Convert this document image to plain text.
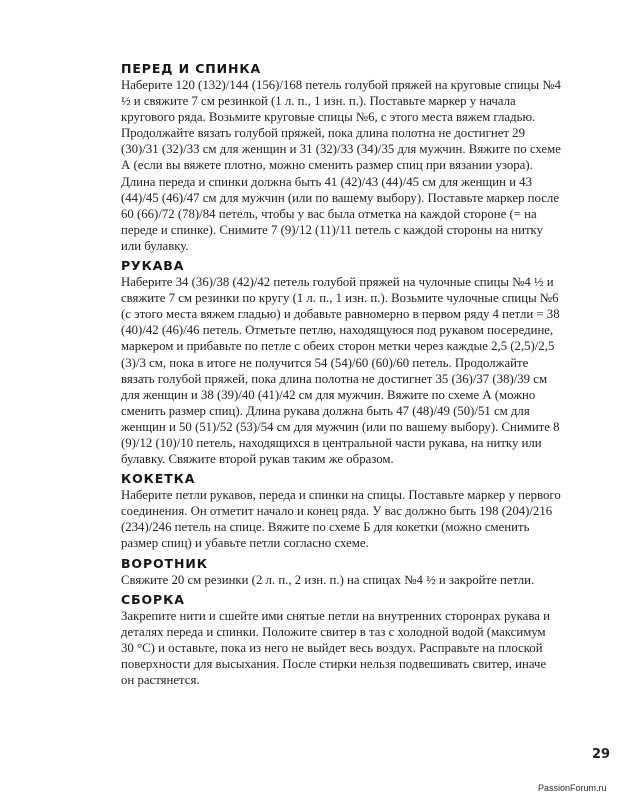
ПЕРЕД И СПИНКА

Наберите 120 (132)/144 (156)/168 петель голубой пряжей на круговые спицы №4 ½ и свяжите 7 см резинкой (1 л. п., 1 изн. п.). Поставьте маркер у начала кругового ряда. Возьмите круговые спицы №6, с этого места вяжем гладью. Продолжайте вязать голубой пряжей, пока длина полотна не достигнет 29 (30)/31 (32)/33 см для женщин и 31 (32)/33 (34)/35 для мужчин. Вяжите по схеме А (если вы вяжете плотно, можно сменить размер спиц при вязании узора). Длина переда и спинки должна быть 41 (42)/43 (44)/45 см для женщин и 43 (44)/45 (46)/47 см для мужчин (или по вашему выбору). Поставьте маркер после 60 (66)/72 (78)/84 петель, чтобы у вас была отметка на каждой стороне (= на переде и спинке). Снимите 7 (9)/12 (11)/11 петель с каждой стороны на нитку или булавку.

РУКАВА

Наберите 34 (36)/38 (42)/42 петель голубой пряжей на чулочные спицы №4 ½ и свяжите 7 см резинки по кругу (1 л. п., 1 изн. п.). Возьмите чулочные спицы №6 (с этого места вяжем гладью) и добавьте равномерно в первом ряду 4 петли = 38 (40)/42 (46)/46 петель. Отметьте петлю, находящуюся под рукавом посередине, маркером и прибавьте по петле с обеих сторон метки через каждые 2,5 (2,5)/2,5 (3)/3 см, пока в итоге не получится 54 (54)/60 (60)/60 петель. Продолжайте вязать голубой пряжей, пока длина полотна не достигнет 35 (36)/37 (38)/39 см для женщин и 38 (39)/40 (41)/42 см для мужчин. Вяжите по схеме А (можно сменить размер спиц). Длина рукава должна быть 47 (48)/49 (50)/51 см для женщин и 50 (51)/52 (53)/54 см для мужчин (или по вашему выбору). Снимите 8 (9)/12 (10)/10 петель, находящихся в центральной части рукава, на нитку или булавку. Свяжите второй рукав таким же образом.

КОКЕТКА

Наберите петли рукавов, переда и спинки на спицы. Поставьте маркер у первого соединения. Он отметит начало и конец ряда. У вас должно быть 198 (204)/216 (234)/246 петель на спице. Вяжите по схеме Б для кокетки (можно сменить размер спиц) и убавьте петли согласно схеме.

ВОРОТНИК

Свяжите 20 см резинки (2 л. п., 2 изн. п.) на спицах №4 ½ и закройте петли.

СБОРКА

Закрепите нити и сшейте ими снятые петли на внутренних сторонрах рукава и деталях переда и спинки. Положите свитер в таз с холодной водой (максимум 30 °С) и оставьте, пока из него не выйдет весь воздух. Расправьте на плоской поверхности для высыхания. После стирки нельзя подвешивать свитер, иначе он растянется.

29
PassionForum.ru
